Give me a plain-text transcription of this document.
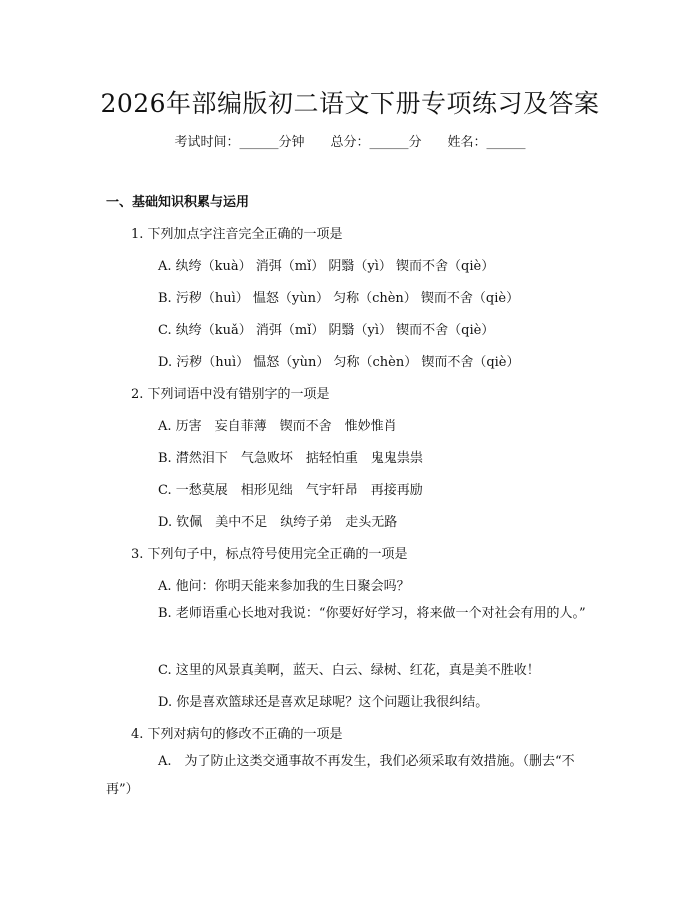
2026年部编版初二语文下册专项练习及答案
考试时间：______分钟 总分：______分 姓名：______
一、基础知识积累与运用
1. 下列加点字注音完全正确的一项是
A. 纨绔（kuà） 消弭（mǐ） 阴翳（yì） 锲而不舍（qiè）
B. 污秽（huì） 愠怒（yùn） 匀称（chèn） 锲而不舍（qiè）
C. 纨绔（kuǎ） 消弭（mǐ） 阴翳（yì） 锲而不舍（qiè）
D. 污秽（huì） 愠怒（yùn） 匀称（chèn） 锲而不舍（qiè）
2. 下列词语中没有错别字的一项是
A. 历害　妄自菲薄　锲而不舍　惟妙惟肖
B. 潸然泪下　气急败坏　掂轻怕重　鬼鬼祟祟
C. 一愁莫展　相形见绌　气宇轩昂　再接再励
D. 钦佩　美中不足　纨绔子弟　走头无路
3. 下列句子中，标点符号使用完全正确的一项是
A. 他问：你明天能来参加我的生日聚会吗？
B. 老师语重心长地对我说：“你要好好学习，将来做一个对社会有用的人。”
C. 这里的风景真美啊，蓝天、白云、绿树、红花，真是美不胜收！
D. 你是喜欢篮球还是喜欢足球呢？这个问题让我很纠结。
4. 下列对病句的修改不正确的一项是
A.　为了防止这类交通事故不再发生，我们必须采取有效措施。（删去“不再”）
